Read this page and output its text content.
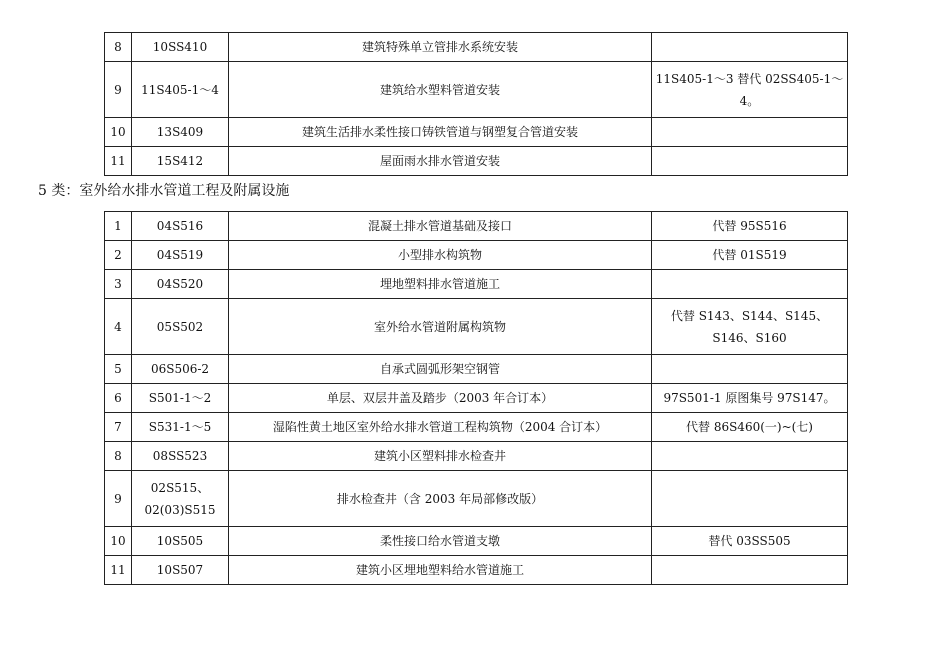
8	10SS410	建筑特殊单立管排水系统安装	
9	11S405-1～4	建筑给水塑料管道安装	11S405-1～3 替代 02SS405-1～4。
10	13S409	建筑生活排水柔性接口铸铁管道与钢塑复合管道安装	
11	15S412	屋面雨水排水管道安装	
5 类：室外给水排水管道工程及附属设施
1	04S516	混凝土排水管道基础及接口	代替 95S516
2	04S519	小型排水构筑物	代替 01S519
3	04S520	埋地塑料排水管道施工	
4	05S502	室外给水管道附属构筑物	代替 S143、S144、S145、S146、S160
5	06S506-2	自承式圆弧形架空钢管	
6	S501-1～2	单层、双层井盖及踏步（2003 年合订本）	97S501-1 原图集号 97S147。
7	S531-1～5	湿陷性黄土地区室外给水排水管道工程构筑物（2004 合订本）	代替 86S460(一)~(七)
8	08SS523	建筑小区塑料排水检查井	
9	02S515、02(03)S515	排水检查井（含 2003 年局部修改版）	
10	10S505	柔性接口给水管道支墩	替代 03SS505
11	10S507	建筑小区埋地塑料给水管道施工	
